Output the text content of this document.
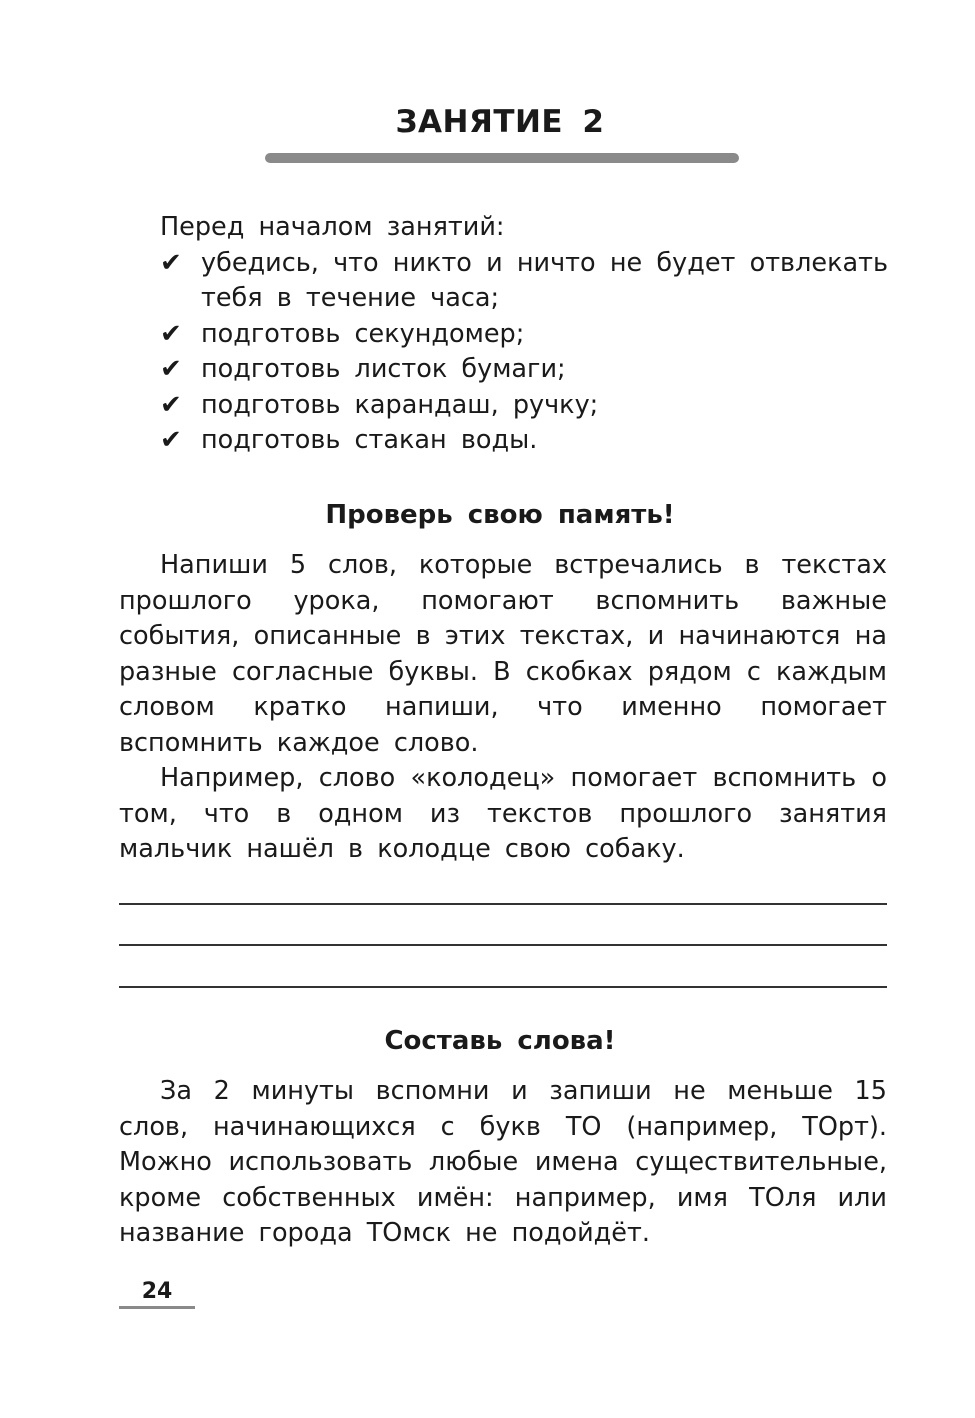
ЗАНЯТИЕ 2
Перед началом занятий:
✔ убедись, что никто и ничто не будет отвлекать тебя в течение часа;
✔ подготовь секундомер;
✔ подготовь листок бумаги;
✔ подготовь карандаш, ручку;
✔ подготовь стакан воды.
Проверь свою память!

Напиши 5 слов, которые встречались в текстах прошлого урока, помогают вспомнить важные события, описанные в этих текстах, и начинаются на разные согласные буквы. В скобках рядом с каждым словом кратко напиши, что именно помогает вспомнить каждое слово.

Например, слово «колодец» помогает вспомнить о том, что в одном из текстов прошлого занятия мальчик нашёл в колодце свою собаку.

Составь слова!

За 2 минуты вспомни и запиши не меньше 15 слов, начинающихся с букв ТО (например, ТОрт). Можно использовать любые имена существительные, кроме собственных имён: например, имя ТОля или название города ТОмск не подойдёт.

24
